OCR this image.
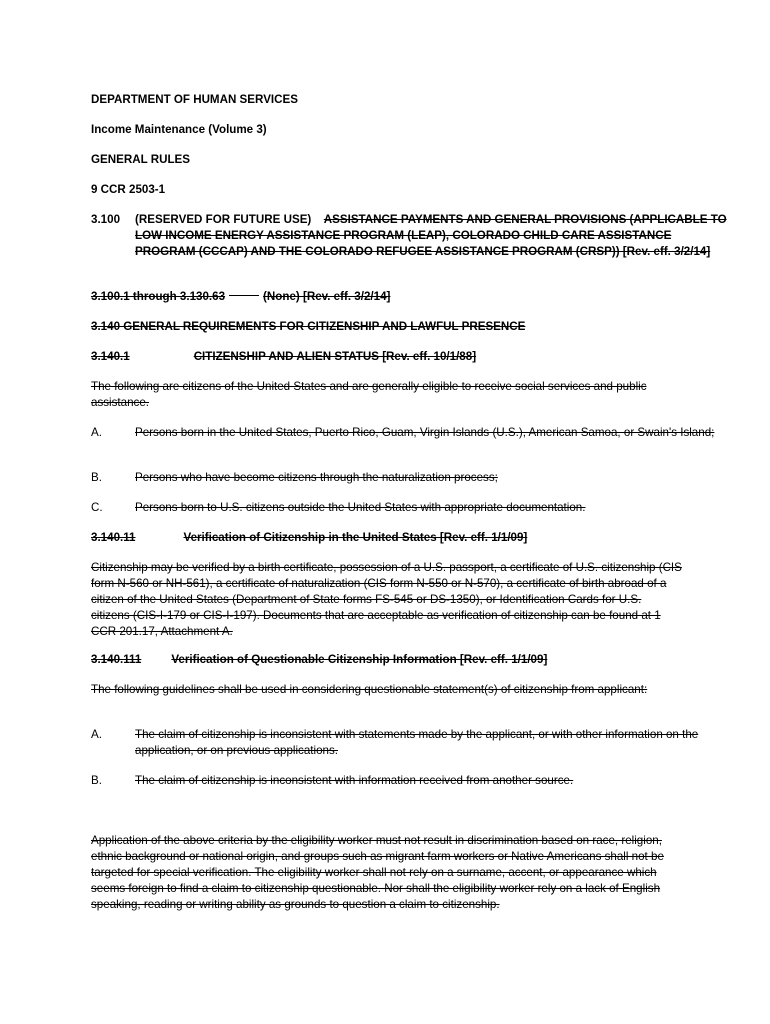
DEPARTMENT OF HUMAN SERVICES

Income Maintenance (Volume 3)

GENERAL RULES

9 CCR 2503-1

3.100 (RESERVED FOR FUTURE USE) ASSISTANCE PAYMENTS AND GENERAL PROVISIONS (APPLICABLE TO LOW INCOME ENERGY ASSISTANCE PROGRAM (LEAP), COLORADO CHILD CARE ASSISTANCE PROGRAM (CCCAP) AND THE COLORADO REFUGEE ASSISTANCE PROGRAM (CRSP)) [Rev. eff. 3/2/14]
3.100.1 through 3.130.63	(None) [Rev. eff. 3/2/14]

3.140 GENERAL REQUIREMENTS FOR CITIZENSHIP AND LAWFUL PRESENCE

3.140.1	CITIZENSHIP AND ALIEN STATUS [Rev. eff. 10/1/88]

The following are citizens of the United States and are generally eligible to receive social services and public assistance.

A.	Persons born in the United States, Puerto Rico, Guam, Virgin Islands (U.S.), American Samoa, or Swain's Island;
B.	Persons who have become citizens through the naturalization process;
C.	Persons born to U.S. citizens outside the United States with appropriate documentation.
3.140.11	Verification of Citizenship in the United States [Rev. eff. 1/1/09]

Citizenship may be verified by a birth certificate, possession of a U.S. passport, a certificate of U.S. citizenship (CIS form N-560 or NH-561), a certificate of naturalization (CIS form N-550 or N-570), a certificate of birth abroad of a citizen of the United States (Department of State forms FS-545 or DS-1350), or Identification Cards for U.S. citizens (CIS-I-179 or CIS-I-197). Documents that are acceptable as verification of citizenship can be found at 1 CCR 201.17, Attachment A.

3.140.111	Verification of Questionable Citizenship Information [Rev. eff. 1/1/09]

The following guidelines shall be used in considering questionable statement(s) of citizenship from applicant:

A.	The claim of citizenship is inconsistent with statements made by the applicant, or with other information on the application, or on previous applications.
B.	The claim of citizenship is inconsistent with information received from another source.

Application of the above criteria by the eligibility worker must not result in discrimination based on race, religion, ethnic background or national origin, and groups such as migrant farm workers or Native Americans shall not be targeted for special verification. The eligibility worker shall not rely on a surname, accent, or appearance which seems foreign to find a claim to citizenship questionable. Nor shall the eligibility worker rely on a lack of English speaking, reading or writing ability as grounds to question a claim to citizenship.
